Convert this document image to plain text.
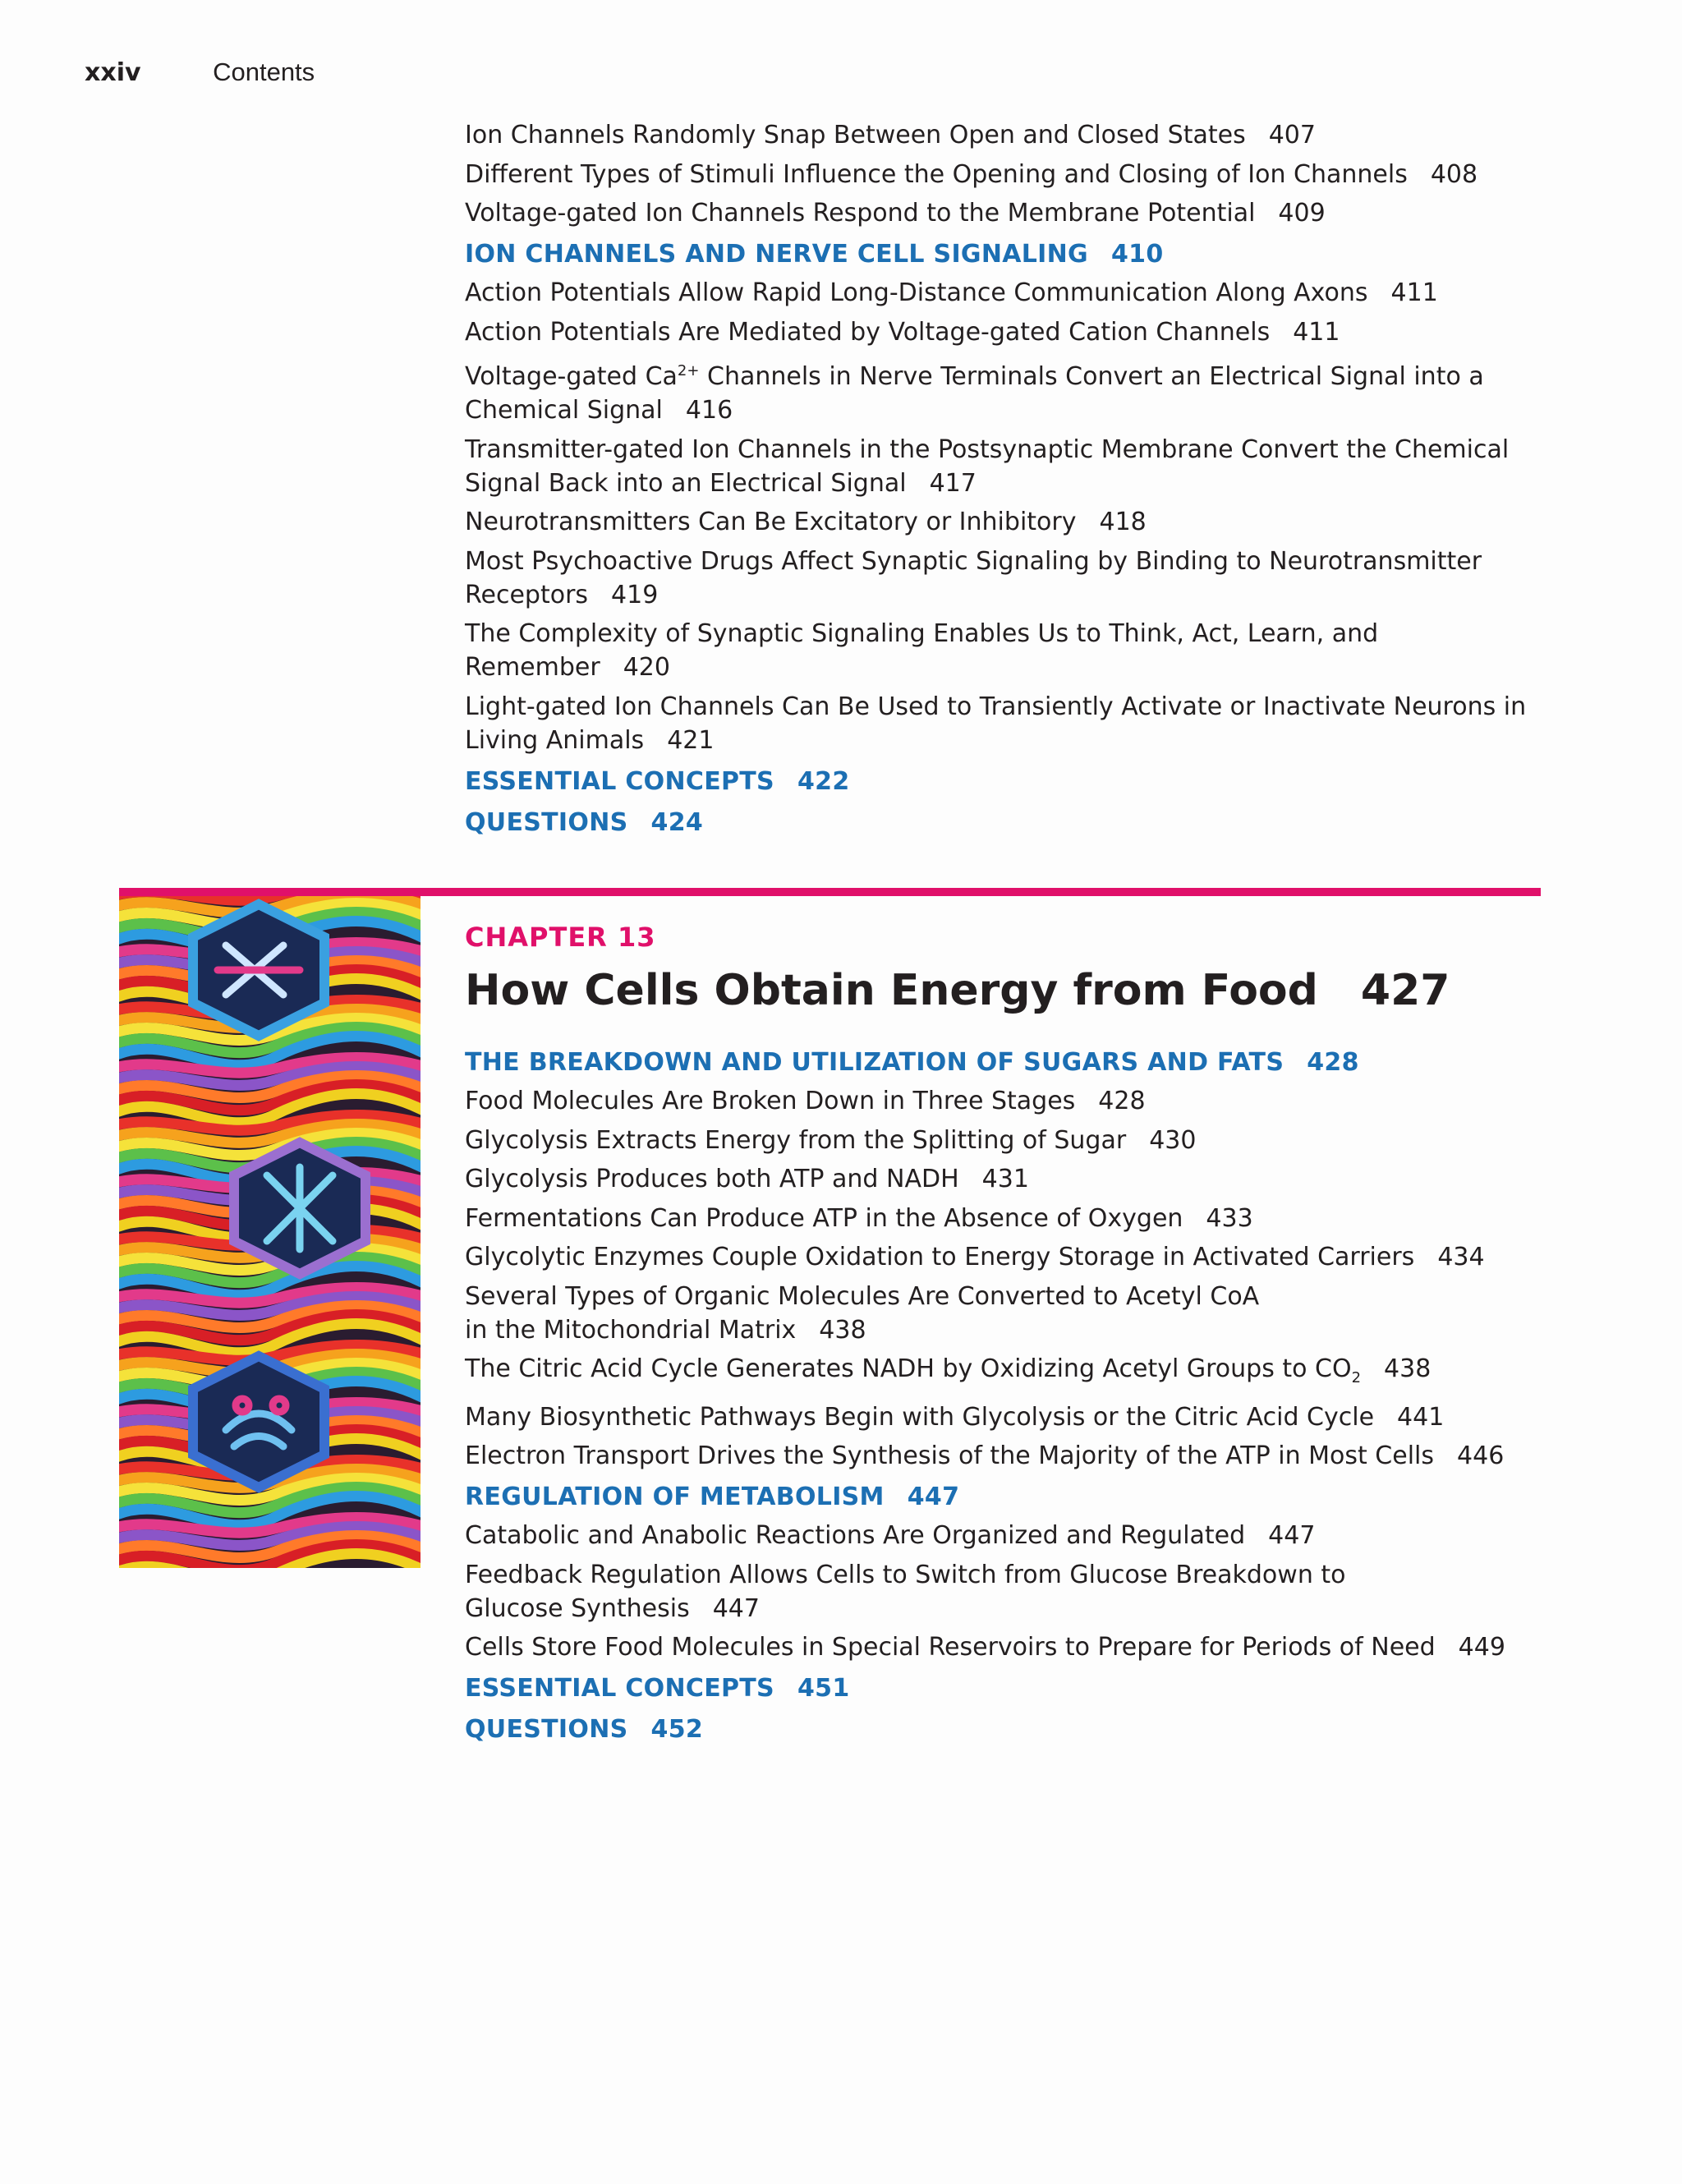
xxiv	Contents
Ion Channels Randomly Snap Between Open and Closed States 407
Different Types of Stimuli Influence the Opening and Closing of Ion Channels 408
Voltage-gated Ion Channels Respond to the Membrane Potential 409
ION CHANNELS AND NERVE CELL SIGNALING 410
Action Potentials Allow Rapid Long-Distance Communication Along Axons 411
Action Potentials Are Mediated by Voltage-gated Cation Channels 411
Voltage-gated $Ca^{2+}$ Channels in Nerve Terminals Convert an Electrical Signal into a Chemical Signal 416
Transmitter-gated Ion Channels in the Postsynaptic Membrane Convert the Chemical Signal Back into an Electrical Signal 417
Neurotransmitters Can Be Excitatory or Inhibitory 418
Most Psychoactive Drugs Affect Synaptic Signaling by Binding to Neurotransmitter Receptors 419
The Complexity of Synaptic Signaling Enables Us to Think, Act, Learn, and Remember 420
Light-gated Ion Channels Can Be Used to Transiently Activate or Inactivate Neurons in Living Animals 421
ESSENTIAL CONCEPTS 422
QUESTIONS 424
CHAPTER 13
How Cells Obtain Energy from Food 427
THE BREAKDOWN AND UTILIZATION OF SUGARS AND FATS 428
Food Molecules Are Broken Down in Three Stages 428
Glycolysis Extracts Energy from the Splitting of Sugar 430
Glycolysis Produces both ATP and NADH 431
Fermentations Can Produce ATP in the Absence of Oxygen 433
Glycolytic Enzymes Couple Oxidation to Energy Storage in Activated Carriers 434
Several Types of Organic Molecules Are Converted to Acetyl CoA
in the Mitochondrial Matrix 438
The Citric Acid Cycle Generates NADH by Oxidizing Acetyl Groups to $CO_2$ 438
Many Biosynthetic Pathways Begin with Glycolysis or the Citric Acid Cycle 441
Electron Transport Drives the Synthesis of the Majority of the ATP in Most Cells 446
REGULATION OF METABOLISM 447
Catabolic and Anabolic Reactions Are Organized and Regulated 447
Feedback Regulation Allows Cells to Switch from Glucose Breakdown to
Glucose Synthesis 447
Cells Store Food Molecules in Special Reservoirs to Prepare for Periods of Need 449
ESSENTIAL CONCEPTS 451
QUESTIONS 452
